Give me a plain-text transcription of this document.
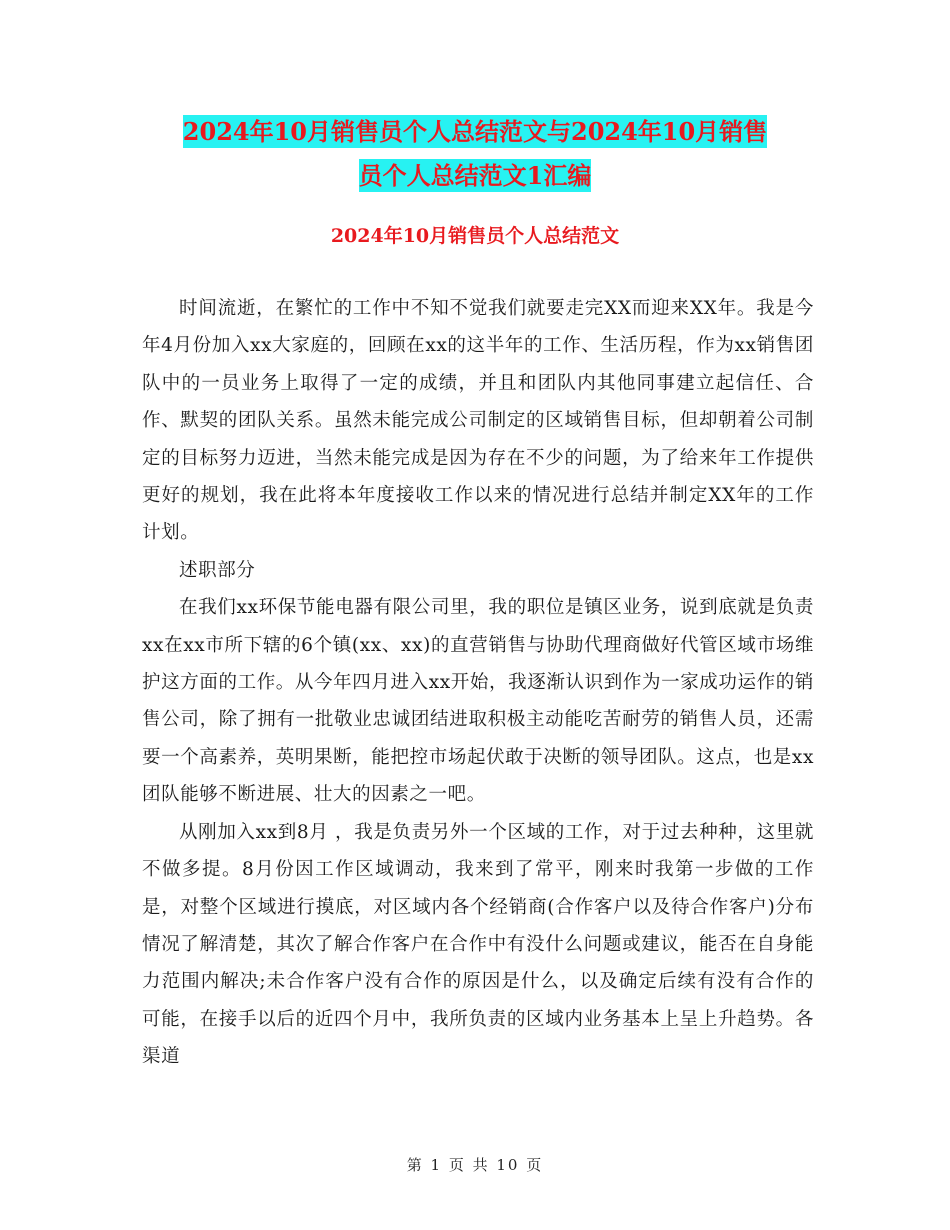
2024年10月销售员个人总结范文与2024年10月销售
员个人总结范文1汇编
2024年10月销售员个人总结范文

时间流逝，在繁忙的工作中不知不觉我们就要走完XX而迎来XX年。我是今年4月份加入xx大家庭的，回顾在xx的这半年的工作、生活历程，作为xx销售团队中的一员业务上取得了一定的成绩，并且和团队内其他同事建立起信任、合作、默契的团队关系。虽然未能完成公司制定的区域销售目标，但却朝着公司制定的目标努力迈进，当然未能完成是因为存在不少的问题，为了给来年工作提供更好的规划，我在此将本年度接收工作以来的情况进行总结并制定XX年的工作计划。

述职部分

在我们xx环保节能电器有限公司里，我的职位是镇区业务，说到底就是负责xx在xx市所下辖的6个镇(xx、xx)的直营销售与协助代理商做好代管区域市场维护这方面的工作。从今年四月进入xx开始，我逐渐认识到作为一家成功运作的销售公司，除了拥有一批敬业忠诚团结进取积极主动能吃苦耐劳的销售人员，还需要一个高素养，英明果断，能把控市场起伏敢于决断的领导团队。这点，也是xx团队能够不断进展、壮大的因素之一吧。

从刚加入xx到8月 ，我是负责另外一个区域的工作，对于过去种种，这里就不做多提。8月份因工作区域调动，我来到了常平，刚来时我第一步做的工作是，对整个区域进行摸底，对区域内各个经销商(合作客户以及待合作客户)分布情况了解清楚，其次了解合作客户在合作中有没什么问题或建议，能否在自身能力范围内解决;未合作客户没有合作的原因是什么，以及确定后续有没有合作的可能，在接手以后的近四个月中，我所负责的区域内业务基本上呈上升趋势。各渠道

第 1 页 共 10 页
